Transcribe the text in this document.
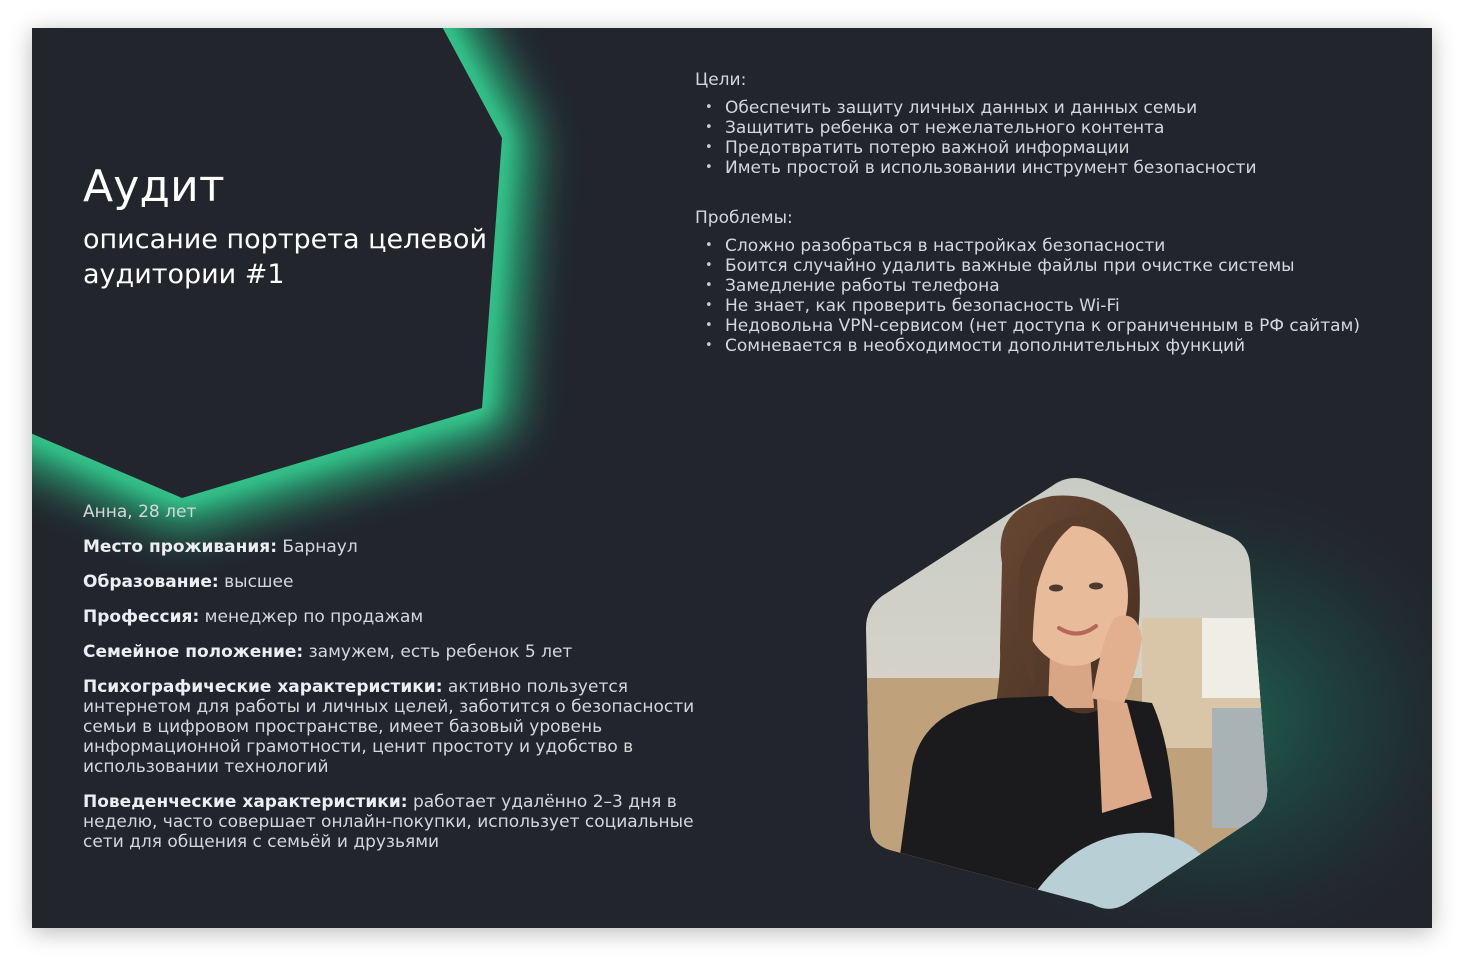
Аудит
описание портрета целевой аудитории #1
Цели:
• Обеспечить защиту личных данных и данных семьи
• Защитить ребенка от нежелательного контента
• Предотвратить потерю важной информации
• Иметь простой в использовании инструмент безопасности
Проблемы:
• Сложно разобраться в настройках безопасности
• Боится случайно удалить важные файлы при очистке системы
• Замедление работы телефона
• Не знает, как проверить безопасность Wi-Fi
• Недовольна VPN-сервисом (нет доступа к ограниченным в РФ сайтам)
• Сомневается в необходимости дополнительных функций
Анна, 28 лет
Место проживания: Барнаул
Образование: высшее
Профессия: менеджер по продажам
Семейное положение: замужем, есть ребенок 5 лет
Психографические характеристики: активно пользуется интернетом для работы и личных целей, заботится о безопасности семьи в цифровом пространстве, имеет базовый уровень информационной грамотности, ценит простоту и удобство в использовании технологий
Поведенческие характеристики: работает удалённо 2–3 дня в неделю, часто совершает онлайн-покупки, использует социальные сети для общения с семьёй и друзьями
